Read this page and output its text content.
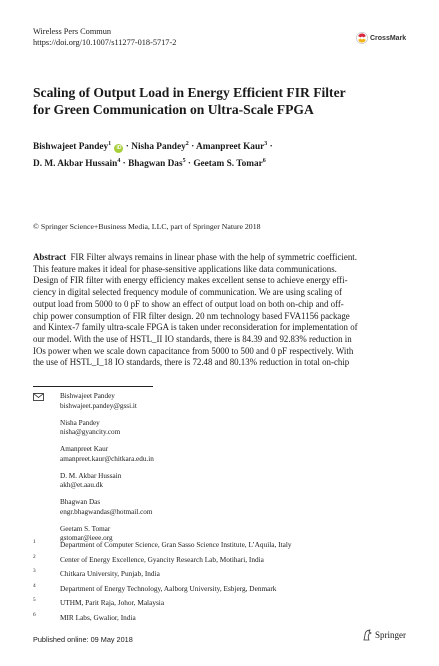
Wireless Pers Commun
https://doi.org/10.1007/s11277-018-5717-2	CrossMark
Scaling of Output Load in Energy Efficient FIR Filter
for Green Communication on Ultra-Scale FPGA
Bishwajeet Pandey$^1$ iD · Nisha Pandey$^2$ · Amanpreet Kaur$^3$ ·
D. M. Akbar Hussain$^4$ · Bhagwan Das$^5$ · Geetam S. Tomar$^6$
© Springer Science+Business Media, LLC, part of Springer Nature 2018
Abstract FIR Filter always remains in linear phase with the help of symmetric coefficient.
This feature makes it ideal for phase-sensitive applications like data communications.
Design of FIR filter with energy efficiency makes excellent sense to achieve energy effi-
ciency in digital selected frequency module of communication. We are using scaling of
output load from 5000 to 0 pF to show an effect of output load on both on-chip and off-
chip power consumption of FIR filter design. 20 nm technology based FVA1156 package
and Kintex-7 family ultra-scale FPGA is taken under reconsideration for implementation of
our model. With the use of HSTL_II IO standards, there is 84.39 and 92.83% reduction in
IOs power when we scale down capacitance from 5000 to 500 and 0 pF respectively. With
the use of HSTL_I_18 IO standards, there is 72.48 and 80.13% reduction in total on-chip
Bishwajeet Pandey
bishwajeet.pandey@gssi.it
Nisha Pandey
nisha@gyancity.com
Amanpreet Kaur
amanpreet.kaur@chitkara.edu.in
D. M. Akbar Hussain
akh@et.aau.dk
Bhagwan Das
engr.bhagwandas@hotmail.com
Geetam S. Tomar
gstomar@ieee.org
1	Department of Computer Science, Gran Sasso Science Institute, L’Aquila, Italy
2	Center of Energy Excellence, Gyancity Research Lab, Motihari, India
3	Chitkara University, Punjab, India
4	Department of Energy Technology, Aalborg University, Esbjerg, Denmark
5	UTHM, Parit Raja, Johor, Malaysia
6	MIR Labs, Gwalior, India
Published online: 09 May 2018	Springer
